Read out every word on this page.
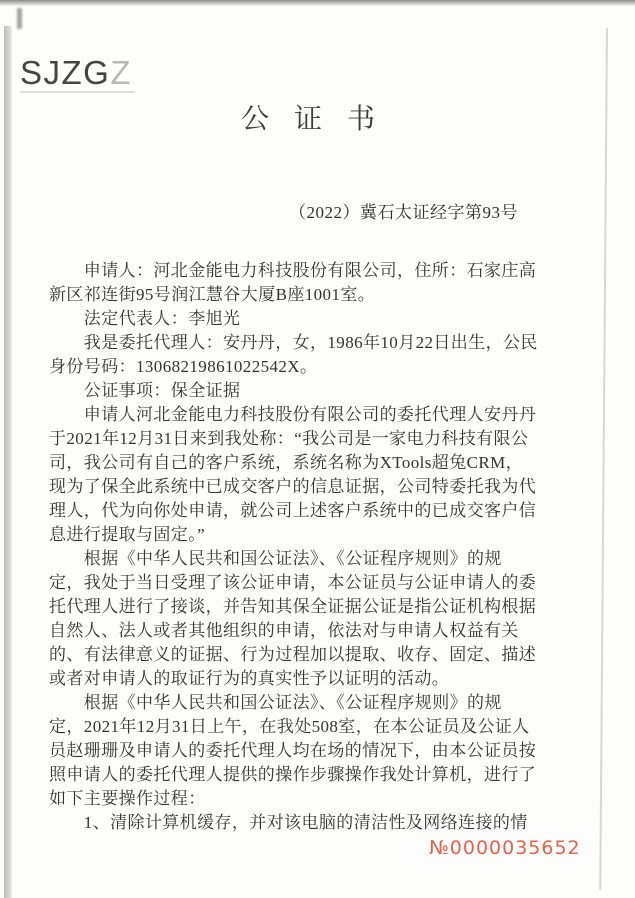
SJZGZ
公证书
（2022）冀石太证经字第93号
　　申请人：河北金能电力科技股份有限公司，住所：石家庄高
新区祁连街95号润江慧谷大厦B座1001室。
　　法定代表人：李旭光
　　我是委托代理人：安丹丹，女，1986年10月22日出生，公民
身份号码：13068219861022542X。
　　公证事项：保全证据
　　申请人河北金能电力科技股份有限公司的委托代理人安丹丹
于2021年12月31日来到我处称：“我公司是一家电力科技有限公
司，我公司有自己的客户系统，系统名称为XTools超兔CRM，
现为了保全此系统中已成交客户的信息证据，公司特委托我为代
理人，代为向你处申请，就公司上述客户系统中的已成交客户信
息进行提取与固定。”
　　根据《中华人民共和国公证法》、《公证程序规则》的规
定，我处于当日受理了该公证申请，本公证员与公证申请人的委
托代理人进行了接谈，并告知其保全证据公证是指公证机构根据
自然人、法人或者其他组织的申请，依法对与申请人权益有关
的、有法律意义的证据、行为过程加以提取、收存、固定、描述
或者对申请人的取证行为的真实性予以证明的活动。
　　根据《中华人民共和国公证法》、《公证程序规则》的规
定，2021年12月31日上午，在我处508室，在本公证员及公证人
员赵珊珊及申请人的委托代理人均在场的情况下，由本公证员按
照申请人的委托代理人提供的操作步骤操作我处计算机，进行了
如下主要操作过程：
　　1、清除计算机缓存，并对该电脑的清洁性及网络连接的情
№0000035652
